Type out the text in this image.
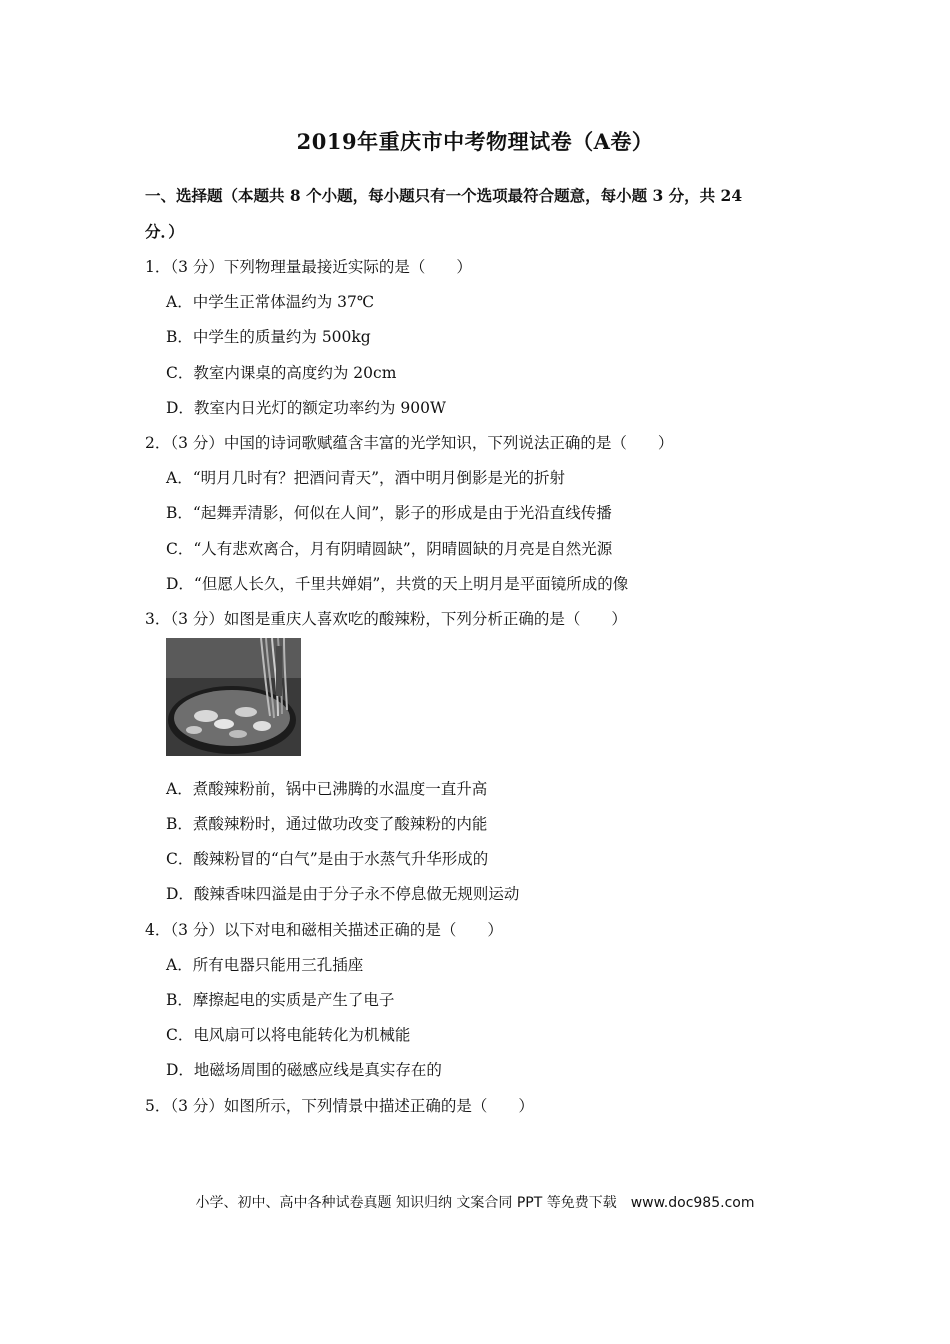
2019年重庆市中考物理试卷（A卷）
一、选择题（本题共 8 个小题，每小题只有一个选项最符合题意，每小题 3 分，共 24
分．）
1．（3 分）下列物理量最接近实际的是（　　）
A．中学生正常体温约为 37℃
B．中学生的质量约为 500kg
C．教室内课桌的高度约为 20cm
D．教室内日光灯的额定功率约为 900W
2．（3 分）中国的诗词歌赋蕴含丰富的光学知识，下列说法正确的是（　　）
A．“明月几时有？把酒问青天”，酒中明月倒影是光的折射
B．“起舞弄清影，何似在人间”，影子的形成是由于光沿直线传播
C．“人有悲欢离合，月有阴晴圆缺”，阴晴圆缺的月亮是自然光源
D．“但愿人长久，千里共婵娟”，共赏的天上明月是平面镜所成的像
3．（3 分）如图是重庆人喜欢吃的酸辣粉，下列分析正确的是（　　）
A．煮酸辣粉前，锅中已沸腾的水温度一直升高
B．煮酸辣粉时，通过做功改变了酸辣粉的内能
C．酸辣粉冒的“白气”是由于水蒸气升华形成的
D．酸辣香味四溢是由于分子永不停息做无规则运动
4．（3 分）以下对电和磁相关描述正确的是（　　）
A．所有电器只能用三孔插座
B．摩擦起电的实质是产生了电子
C．电风扇可以将电能转化为机械能
D．地磁场周围的磁感应线是真实存在的
5．（3 分）如图所示，下列情景中描述正确的是（　　）
小学、初中、高中各种试卷真题 知识归纳 文案合同 PPT 等免费下载　www.doc985.com
